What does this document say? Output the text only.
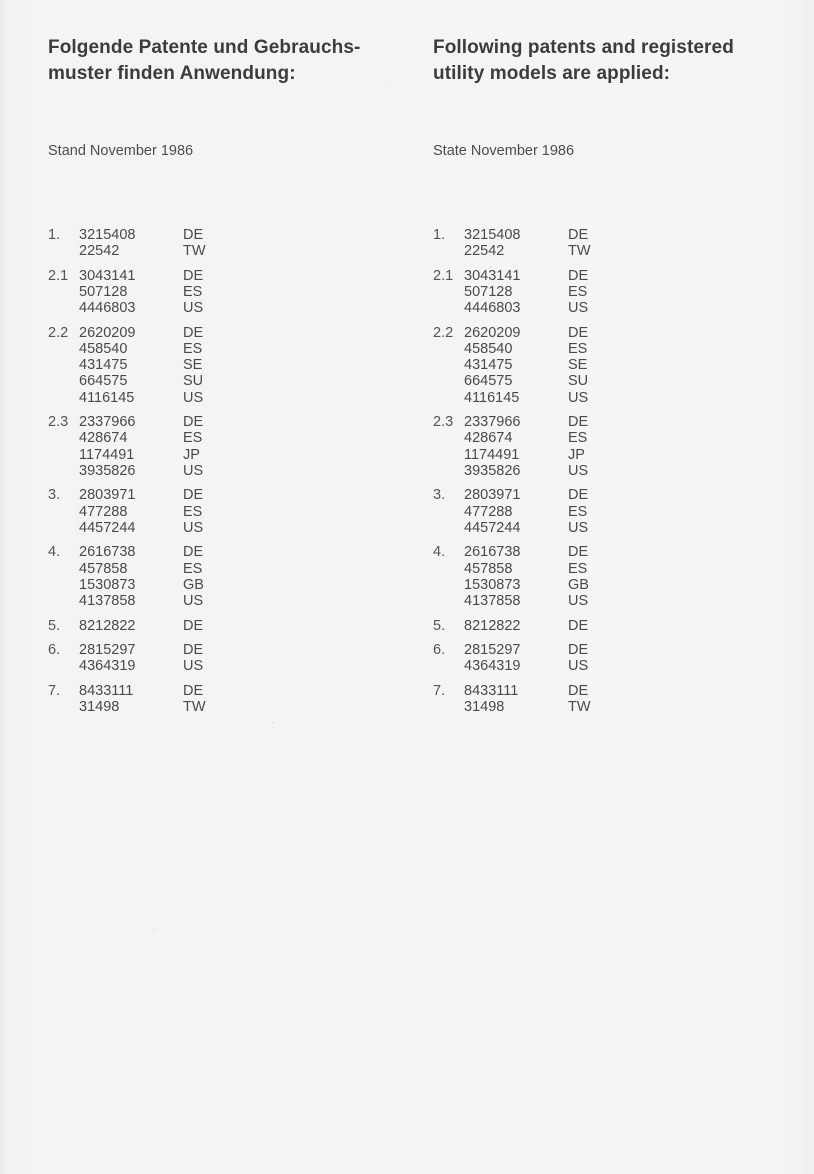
Folgende Patente und Gebrauchs-
muster finden Anwendung:
Stand November 1986
1.	3215408	DE
22542	TW
2.1 3043141	DE
507128	ES
4446803	US
2.2 2620209	DE
458540	ES
431475	SE
664575	SU
4116145	US
2.3 2337966	DE
428674	ES
1174491	JP
3935826	US
3.	2803971	DE
477288	ES
4457244	US
4.	2616738	DE
457858	ES
1530873	GB
4137858	US
5.	8212822	DE
6.	2815297	DE
4364319	US
7.	8433111	DE
31498	TW
Following patents and registered
utility models are applied:
State November 1986
1.	3215408	DE
22542	TW
2.1 3043141	DE
507128	ES
4446803	US
2.2 2620209	DE
458540	ES
431475	SE
664575	SU
4116145	US
2.3 2337966	DE
428674	ES
1174491	JP
3935826	US
3.	2803971	DE
477288	ES
4457244	US
4.	2616738	DE
457858	ES
1530873	GB
4137858	US
5.	8212822	DE
6.	2815297	DE
4364319	US
7.	8433111	DE
31498	TW
